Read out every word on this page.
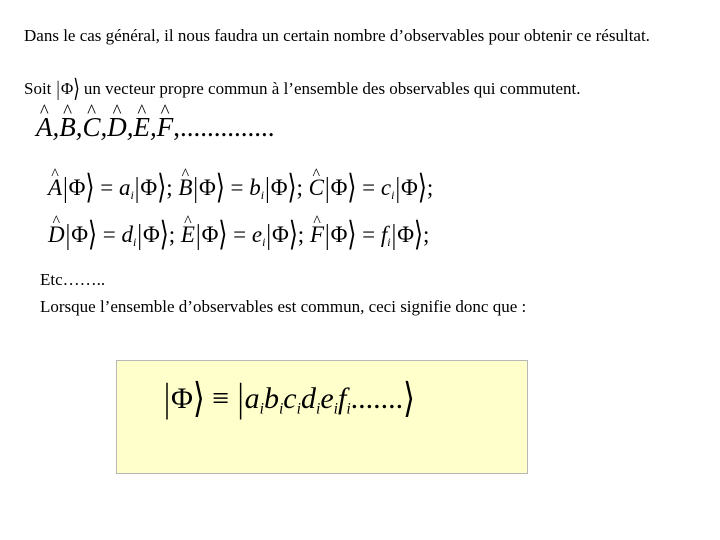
Dans le cas général, il nous faudra un certain nombre d’observables pour obtenir ce résultat.
Soit |Φ⟩ un vecteur propre commun à l’ensemble des observables qui commutent.
^ A,^ B,^ C,^ D,^ E,^ F,..............
^ A|Φ⟩ = $a_i|\Phi⟩$; ^ B|Φ⟩ = $b_i|\Phi⟩$; ^ C|Φ⟩ = $c_i|\Phi⟩$;
^ D|Φ⟩ = $d_i|\Phi⟩$; ^ E|Φ⟩ = $e_i|\Phi⟩$; ^ F|Φ⟩ = $f_i|\Phi⟩$;
Etc……..
Lorsque l’ensemble d’observables est commun, ceci signifie donc que :
|Φ⟩ ≡ $|a_ib_ic_id_ie_if_i.......⟩$
